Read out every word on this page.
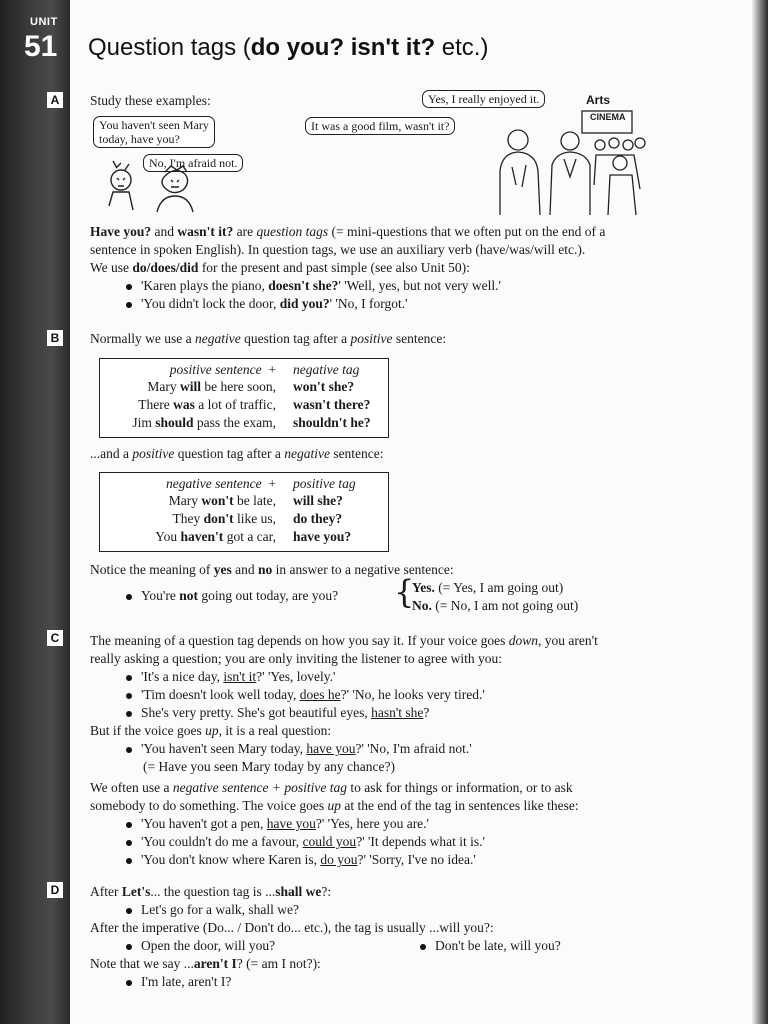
UNIT
51
A
B
C
D
Question tags (do you? isn't it? etc.)
Study these examples:
You haven't seen Mary
today, have you?
No, I'm afraid not.
Yes, I really enjoyed it.
It was a good film, wasn't it?
Arts
CINEMA
Have you? and wasn't it? are question tags (= mini-questions that we often put on the end of a
sentence in spoken English). In question tags, we use an auxiliary verb (have/was/will etc.).
We use do/does/did for the present and past simple (see also Unit 50):
'Karen plays the piano, doesn't she?' 'Well, yes, but not very well.'
'You didn't lock the door, did you?' 'No, I forgot.'
Normally we use a negative question tag after a positive sentence:
positive sentence + negative tag
Mary will be here soon, won't she?
There was a lot of traffic, wasn't there?
Jim should pass the exam, shouldn't he?
...and a positive question tag after a negative sentence:
negative sentence + positive tag
Mary won't be late, will she?
They don't like us, do they?
You haven't got a car, have you?
Notice the meaning of yes and no in answer to a negative sentence:
You're not going out today, are you? {
Yes. (= Yes, I am going out)
No. (= No, I am not going out)
The meaning of a question tag depends on how you say it. If your voice goes down, you aren't
really asking a question; you are only inviting the listener to agree with you:
'It's a nice day, isn't it?' 'Yes, lovely.'
'Tim doesn't look well today, does he?' 'No, he looks very tired.'
She's very pretty. She's got beautiful eyes, hasn't she?
But if the voice goes up, it is a real question:
'You haven't seen Mary today, have you?' 'No, I'm afraid not.'
(= Have you seen Mary today by any chance?)
We often use a negative sentence + positive tag to ask for things or information, or to ask
somebody to do something. The voice goes up at the end of the tag in sentences like these:
'You haven't got a pen, have you?' 'Yes, here you are.'
'You couldn't do me a favour, could you?' 'It depends what it is.'
'You don't know where Karen is, do you?' 'Sorry, I've no idea.'
After Let's... the question tag is ...shall we?:
Let's go for a walk, shall we?
After the imperative (Do... / Don't do... etc.), the tag is usually ...will you?:
Open the door, will you?	Don't be late, will you?
Note that we say ...aren't I? (= am I not?):
I'm late, aren't I?
